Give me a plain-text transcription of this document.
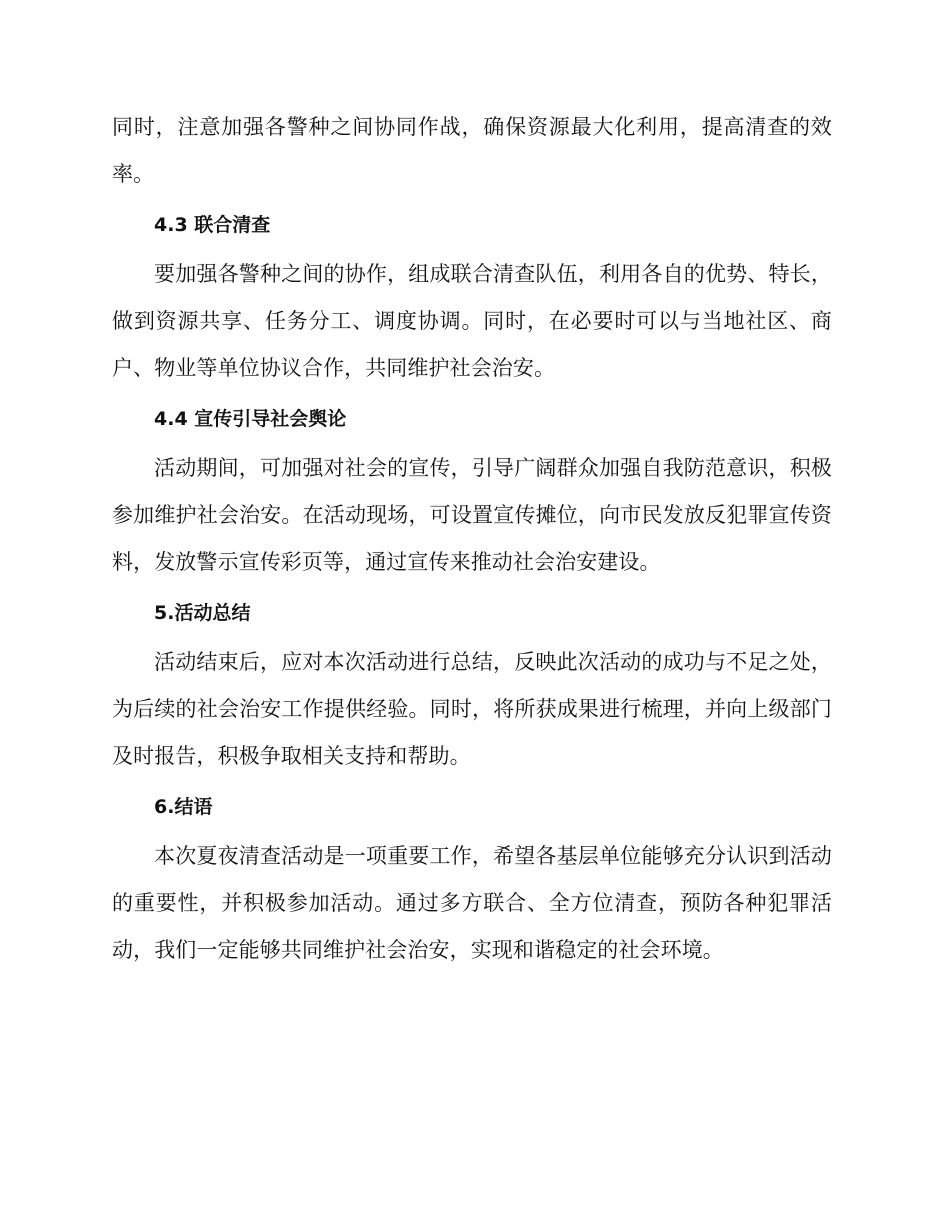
同时，注意加强各警种之间协同作战，确保资源最大化利用，提高清查的效率。

4.3 联合清查

要加强各警种之间的协作，组成联合清查队伍，利用各自的优势、特长，做到资源共享、任务分工、调度协调。同时，在必要时可以与当地社区、商户、物业等单位协议合作，共同维护社会治安。

4.4 宣传引导社会舆论

活动期间，可加强对社会的宣传，引导广阔群众加强自我防范意识，积极参加维护社会治安。在活动现场，可设置宣传摊位，向市民发放反犯罪宣传资料，发放警示宣传彩页等，通过宣传来推动社会治安建设。

5.活动总结

活动结束后，应对本次活动进行总结，反映此次活动的成功与不足之处，为后续的社会治安工作提供经验。同时，将所获成果进行梳理，并向上级部门及时报告，积极争取相关支持和帮助。

6.结语

本次夏夜清查活动是一项重要工作，希望各基层单位能够充分认识到活动的重要性，并积极参加活动。通过多方联合、全方位清查，预防各种犯罪活动，我们一定能够共同维护社会治安，实现和谐稳定的社会环境。
